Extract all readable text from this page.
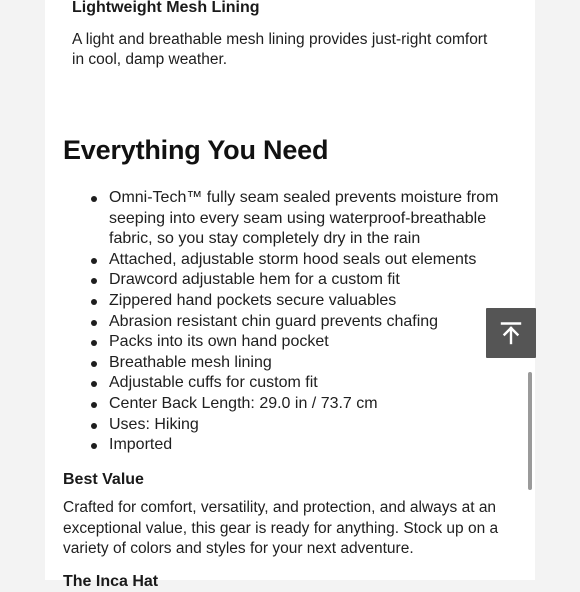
Lightweight Mesh Lining

A light and breathable mesh lining provides just-right comfort in cool, damp weather.

Everything You Need
Omni-Tech™ fully seam sealed prevents moisture from seeping into every seam using waterproof-breathable fabric, so you stay completely dry in the rain
Attached, adjustable storm hood seals out elements
Drawcord adjustable hem for a custom fit
Zippered hand pockets secure valuables
Abrasion resistant chin guard prevents chafing
Packs into its own hand pocket
Breathable mesh lining
Adjustable cuffs for custom fit
Center Back Length: 29.0 in / 73.7 cm
Uses: Hiking
Imported
Best Value

Crafted for comfort, versatility, and protection, and always at an exceptional value, this gear is ready for anything. Stock up on a variety of colors and styles for your next adventure.

The Inca Hat
